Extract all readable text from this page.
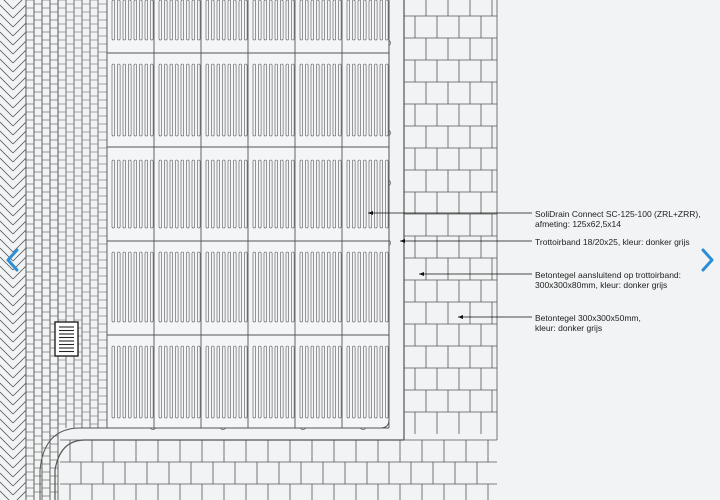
SoliDrain Connect SC-125-100 (ZRL+ZRR),
afmeting: 125x62,5x14
Trottoirband 18/20x25, kleur: donker grijs
Betontegel aansluitend op trottoirband:
300x300x80mm, kleur: donker grijs
Betontegel 300x300x50mm,
kleur: donker grijs
